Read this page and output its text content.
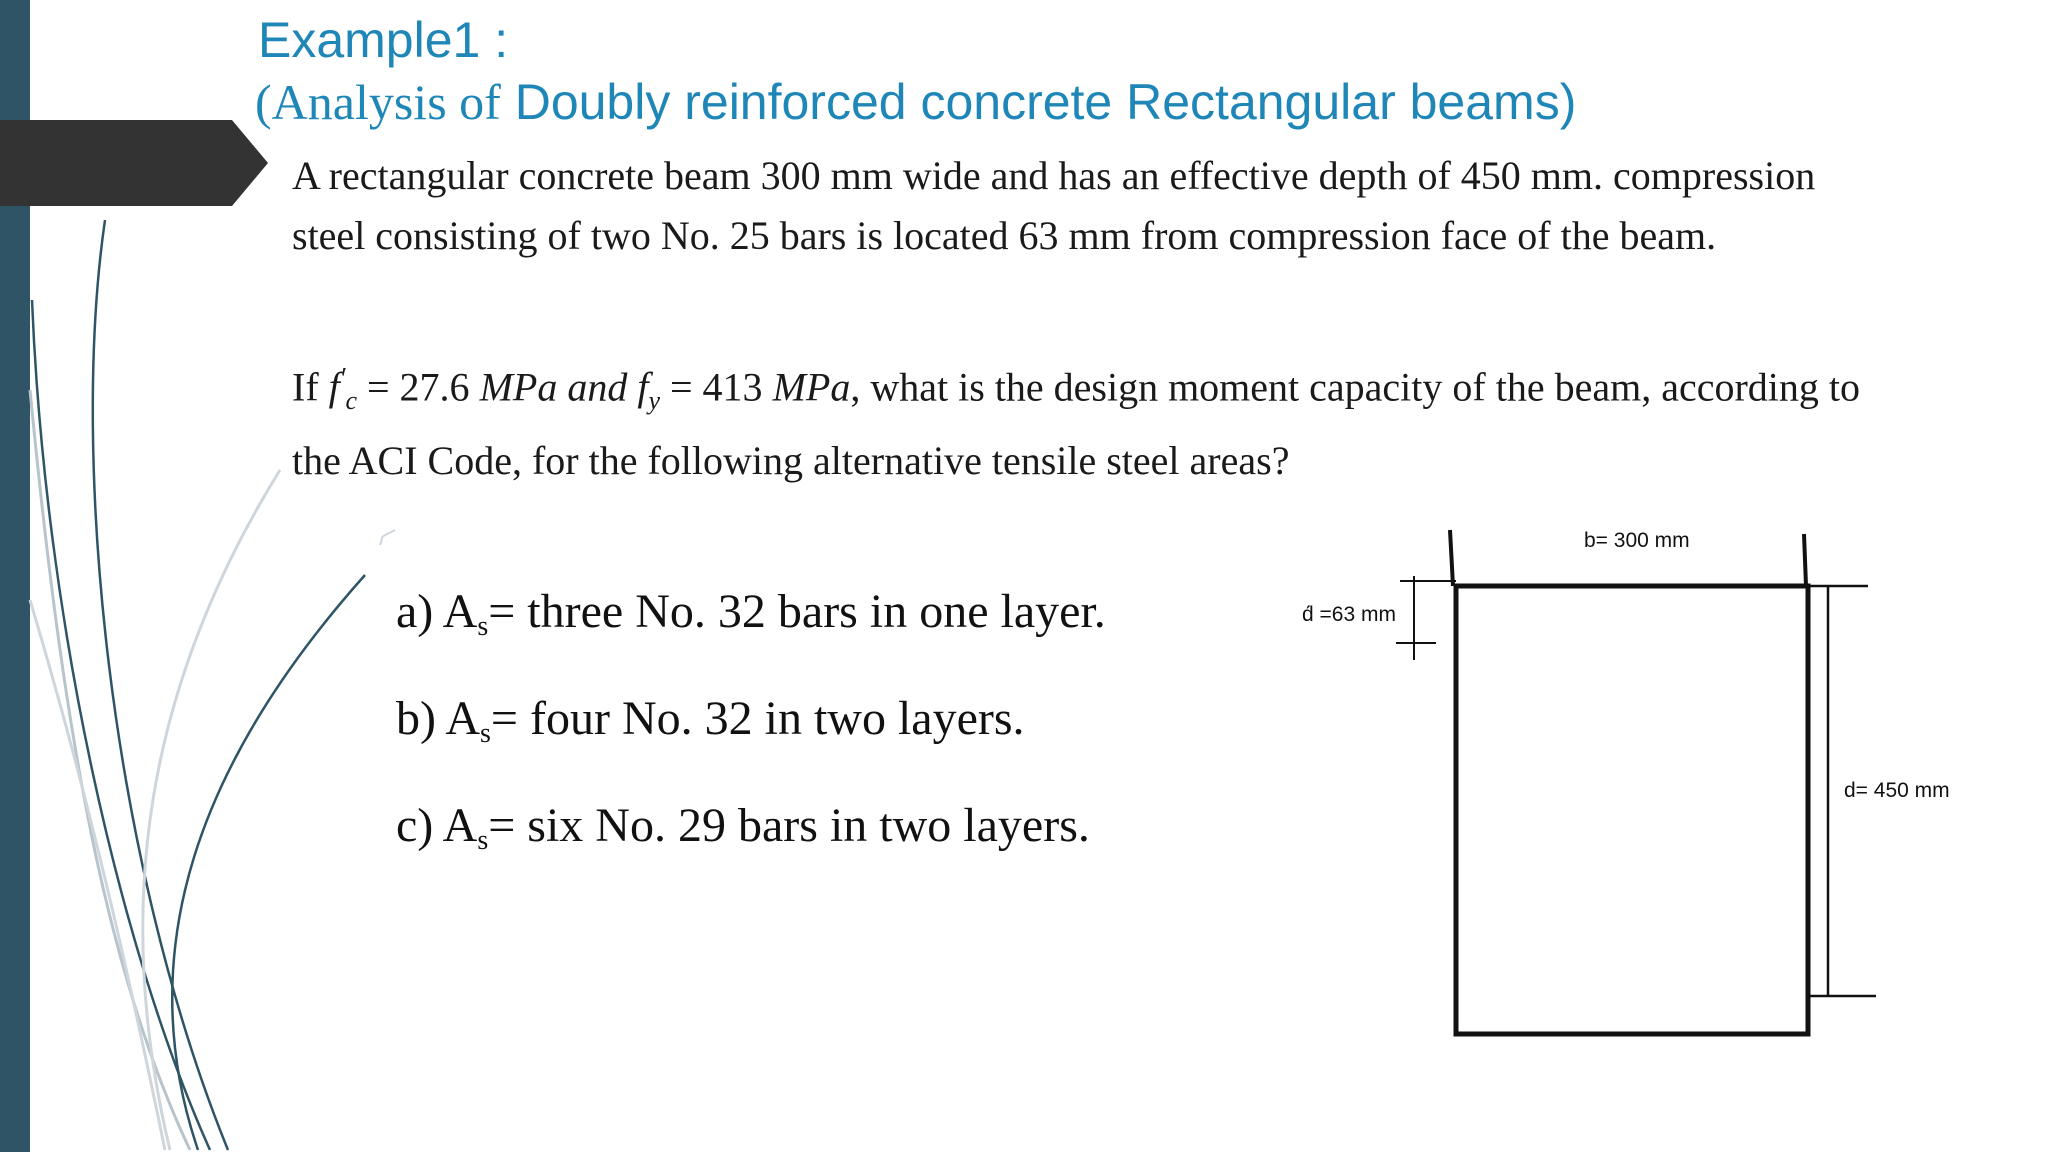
Example1 :
(Analysis of Doubly reinforced concrete Rectangular beams)
A rectangular concrete beam 300 mm wide and has an effective depth of 450 mm. compression steel consisting of two No. 25 bars is located 63 mm from compression face of the beam.
If $f'_c = 27.6$ MPa and $f_y = 413$ MPa, what is the design moment capacity of the beam, according to the ACI Code, for the following alternative tensile steel areas?
a) As= three No. 32 bars in one layer.
b) As= four No. 32 in two layers.
c) As= six No. 29 bars in two layers.
b= 300 mm
d́ =63 mm
d= 450 mm
